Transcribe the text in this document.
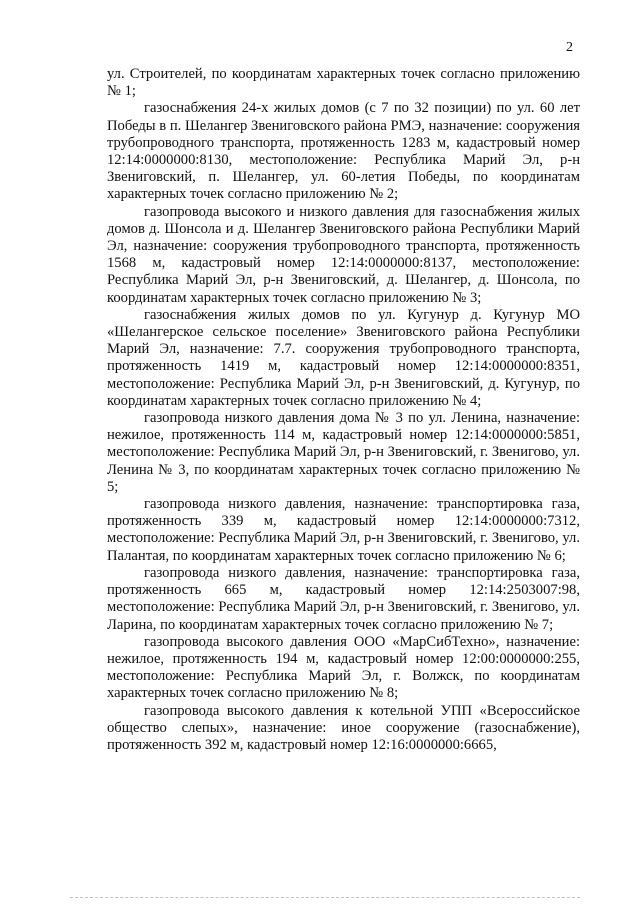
2

ул. Строителей, по координатам характерных точек согласно приложению № 1;

газоснабжения 24-х жилых домов (с 7 по 32 позиции) по ул. 60 лет Победы в п. Шелангер Звениговского района РМЭ, назначение: сооружения трубопроводного транспорта, протяженность 1283 м, кадастровый номер 12:14:0000000:8130, местоположение: Республика Марий Эл, р-н Звениговский, п. Шелангер, ул. 60-летия Победы, по координатам характерных точек согласно приложению № 2;

газопровода высокого и низкого давления для газоснабжения жилых домов д. Шонсола и д. Шелангер Звениговского района Республики Марий Эл, назначение: сооружения трубопроводного транспорта, протяженность 1568 м, кадастровый номер 12:14:0000000:8137, местоположение: Республика Марий Эл, р-н Звениговский, д. Шелангер, д. Шонсола, по координатам характерных точек согласно приложению № 3;

газоснабжения жилых домов по ул. Кугунур д. Кугунур МО «Шелангерское сельское поселение» Звениговского района Республики Марий Эл, назначение: 7.7. сооружения трубопроводного транспорта, протяженность 1419 м, кадастровый номер 12:14:0000000:8351, местоположение: Республика Марий Эл, р-н Звениговский, д. Кугунур, по координатам характерных точек согласно приложению № 4;

газопровода низкого давления дома № 3 по ул. Ленина, назначение: нежилое, протяженность 114 м, кадастровый номер 12:14:0000000:5851, местоположение: Республика Марий Эл, р-н Звениговский, г. Звенигово, ул. Ленина № 3, по координатам характерных точек согласно приложению № 5;

газопровода низкого давления, назначение: транспортировка газа, протяженность 339 м, кадастровый номер 12:14:0000000:7312, местоположение: Республика Марий Эл, р-н Звениговский, г. Звенигово, ул. Палантая, по координатам характерных точек согласно приложению № 6;

газопровода низкого давления, назначение: транспортировка газа, протяженность 665 м, кадастровый номер 12:14:2503007:98, местоположение: Республика Марий Эл, р-н Звениговский, г. Звенигово, ул. Ларина, по координатам характерных точек согласно приложению № 7;

газопровода высокого давления ООО «МарСибТехно», назначение: нежилое, протяженность 194 м, кадастровый номер 12:00:0000000:255, местоположение: Республика Марий Эл, г. Волжск, по координатам характерных точек согласно приложению № 8;

газопровода высокого давления к котельной УПП «Всероссийское общество слепых», назначение: иное сооружение (газоснабжение), протяженность 392 м, кадастровый номер 12:16:0000000:6665,
